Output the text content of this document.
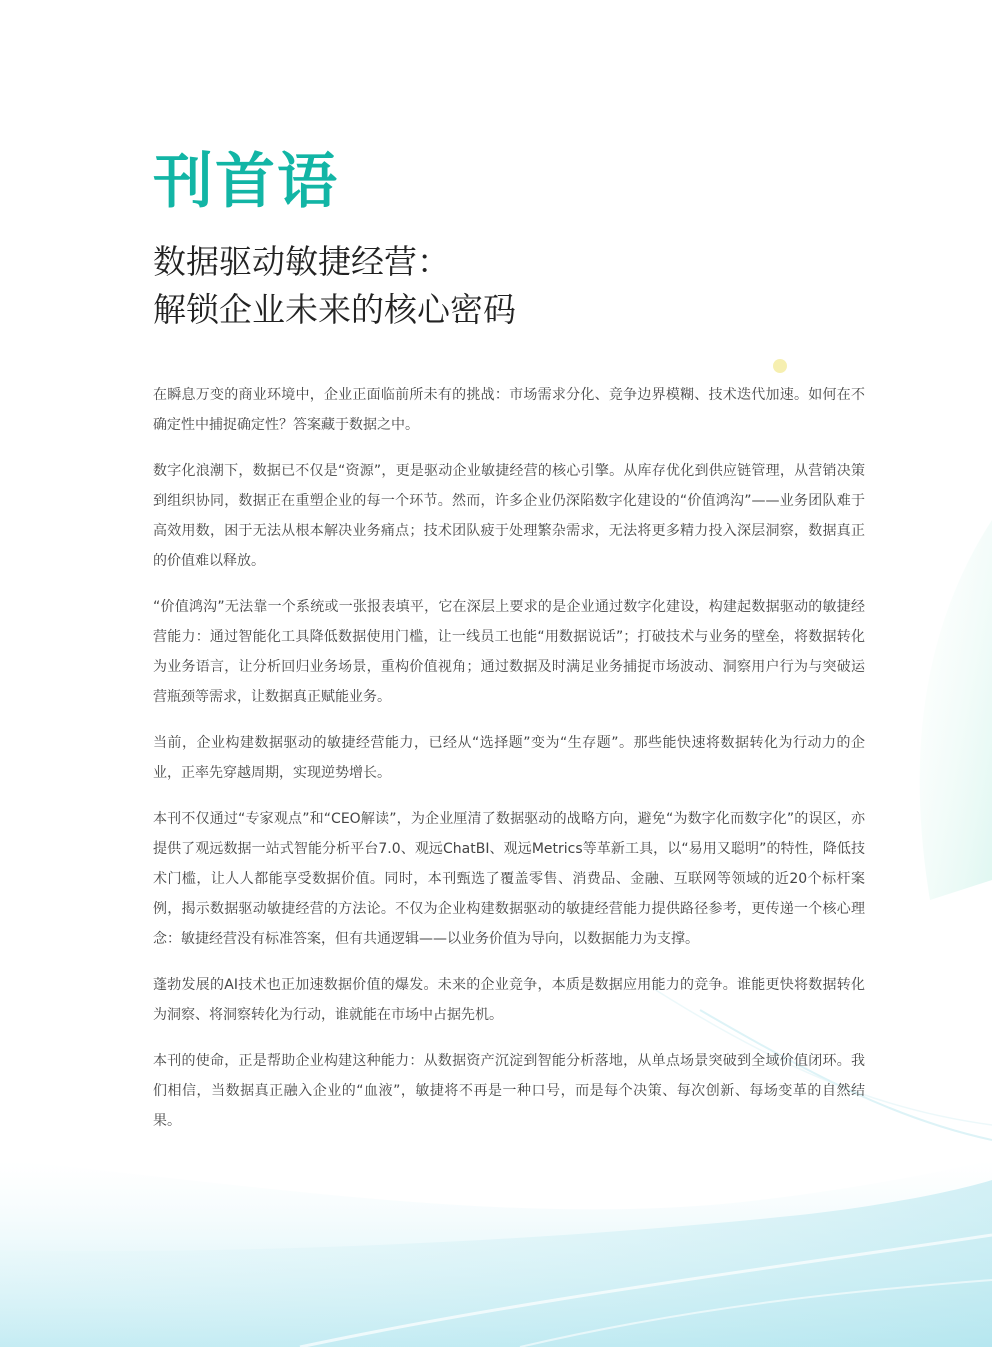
刊首语
数据驱动敏捷经营：
解锁企业未来的核心密码

在瞬息万变的商业环境中，企业正面临前所未有的挑战：市场需求分化、竞争边界模糊、技术迭代加速。如何在不确定性中捕捉确定性？答案藏于数据之中。

数字化浪潮下，数据已不仅是“资源”，更是驱动企业敏捷经营的核心引擎。从库存优化到供应链管理，从营销决策到组织协同，数据正在重塑企业的每一个环节。然而，许多企业仍深陷数字化建设的“价值鸿沟”——业务团队难于高效用数，困于无法从根本解决业务痛点；技术团队疲于处理繁杂需求，无法将更多精力投入深层洞察，数据真正的价值难以释放。

“价值鸿沟”无法靠一个系统或一张报表填平，它在深层上要求的是企业通过数字化建设，构建起数据驱动的敏捷经营能力：通过智能化工具降低数据使用门槛，让一线员工也能“用数据说话”；打破技术与业务的壁垒，将数据转化为业务语言，让分析回归业务场景，重构价值视角；通过数据及时满足业务捕捉市场波动、洞察用户行为与突破运营瓶颈等需求，让数据真正赋能业务。

当前，企业构建数据驱动的敏捷经营能力，已经从“选择题”变为“生存题”。那些能快速将数据转化为行动力的企业，正率先穿越周期，实现逆势增长。

本刊不仅通过“专家观点”和“CEO解读”，为企业厘清了数据驱动的战略方向，避免“为数字化而数字化”的误区，亦提供了观远数据一站式智能分析平台7.0、观远ChatBI、观远Metrics等革新工具，以“易用又聪明”的特性，降低技术门槛，让人人都能享受数据价值。同时，本刊甄选了覆盖零售、消费品、金融、互联网等领域的近20个标杆案例，揭示数据驱动敏捷经营的方法论。不仅为企业构建数据驱动的敏捷经营能力提供路径参考，更传递一个核心理念：敏捷经营没有标准答案，但有共通逻辑——以业务价值为导向，以数据能力为支撑。

蓬勃发展的AI技术也正加速数据价值的爆发。未来的企业竞争，本质是数据应用能力的竞争。谁能更快将数据转化为洞察、将洞察转化为行动，谁就能在市场中占据先机。

本刊的使命，正是帮助企业构建这种能力：从数据资产沉淀到智能分析落地，从单点场景突破到全域价值闭环。我们相信，当数据真正融入企业的“血液”，敏捷将不再是一种口号，而是每个决策、每次创新、每场变革的自然结果。
